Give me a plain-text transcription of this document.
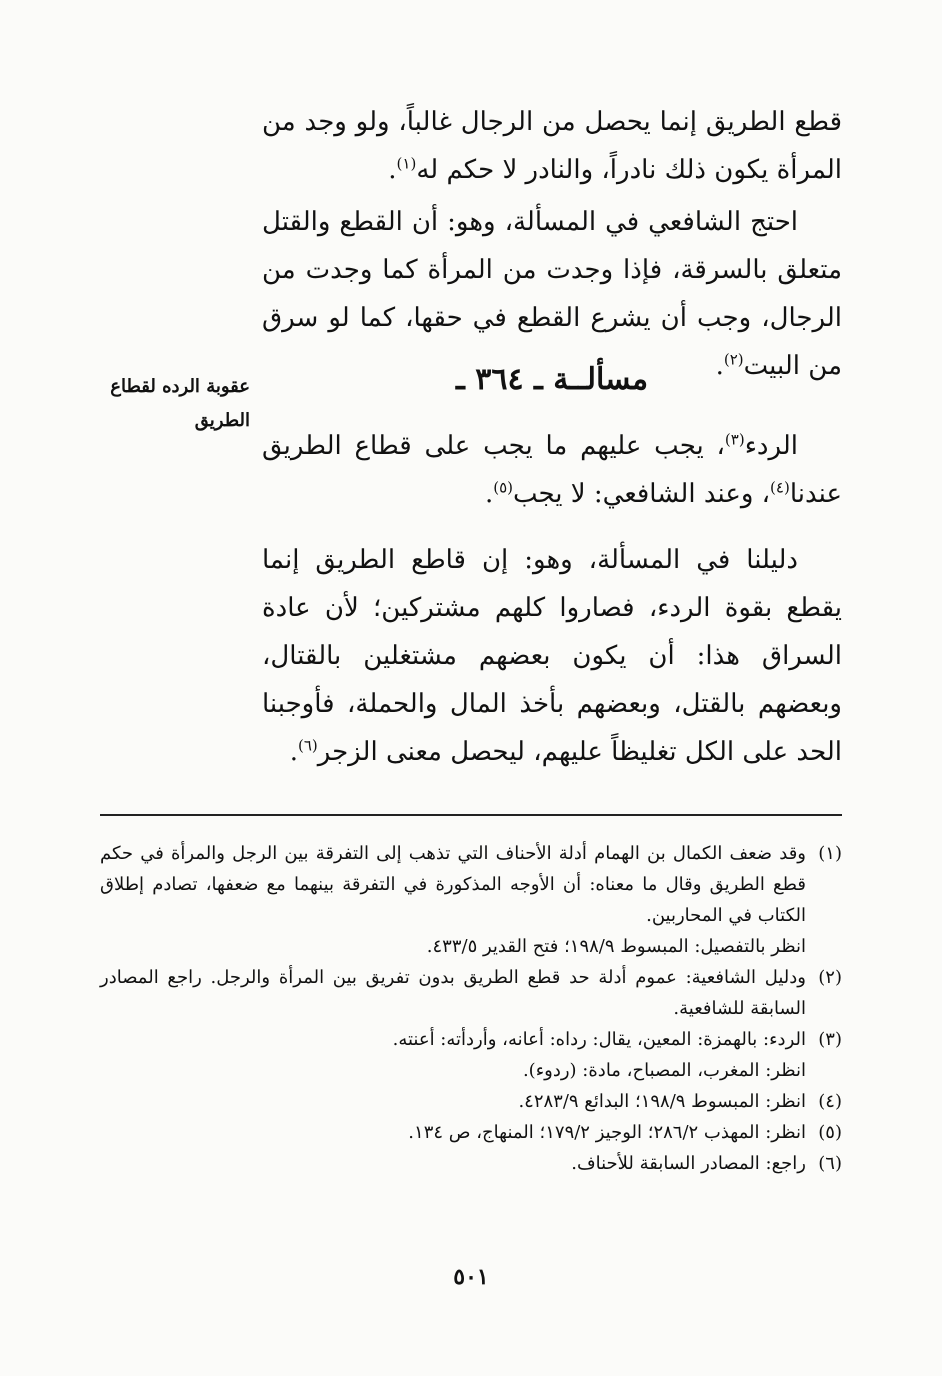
قطع الطريق إنما يحصل من الرجال غالباً، ولو وجد من المرأة يكون ذلك نادراً، والنادر لا حكم له$^{(١)}$.
احتج الشافعي في المسألة، وهو: أن القطع والقتل متعلق بالسرقة، فإذا وجدت من المرأة كما وجدت من الرجال، وجب أن يشرع القطع في حقها، كما لو سرق من البيت$^{(٢)}$.
مسألــة ـ ٣٦٤ ـ
عقوبة الرده لقطاع الطريق
الردء$^{(٣)}$، يجب عليهم ما يجب على قطاع الطريق عندنا$^{(٤)}$، وعند الشافعي: لا يجب$^{(٥)}$.
دليلنا في المسألة، وهو: إن قاطع الطريق إنما يقطع بقوة الردء، فصاروا كلهم مشتركين؛ لأن عادة السراق هذا: أن يكون بعضهم مشتغلين بالقتال، وبعضهم بالقتل، وبعضهم بأخذ المال والحملة، فأوجبنا الحد على الكل تغليظاً عليهم، ليحصل معنى الزجر$^{(٦)}$.
(١)
وقد ضعف الكمال بن الهمام أدلة الأحناف التي تذهب إلى التفرقة بين الرجل والمرأة في حكم قطع الطريق وقال ما معناه: أن الأوجه المذكورة في التفرقة بينهما مع ضعفها، تصادم إطلاق الكتاب في المحاربين.
انظر بالتفصيل: المبسوط ١٩٨/٩؛ فتح القدير ٤٣٣/٥.
(٢)
ودليل الشافعية: عموم أدلة حد قطع الطريق بدون تفريق بين المرأة والرجل. راجع المصادر السابقة للشافعية.
(٣)
الردء: بالهمزة: المعين، يقال: رداه: أعانه، وأردأته: أعنته.
انظر: المغرب، المصباح، مادة: (ردوء).
(٤)
انظر: المبسوط ١٩٨/٩؛ البدائع ٤٢٨٣/٩.
(٥)
انظر: المهذب ٢٨٦/٢؛ الوجيز ١٧٩/٢؛ المنهاج، ص ١٣٤.
(٦)
راجع: المصادر السابقة للأحناف.
٥٠١
